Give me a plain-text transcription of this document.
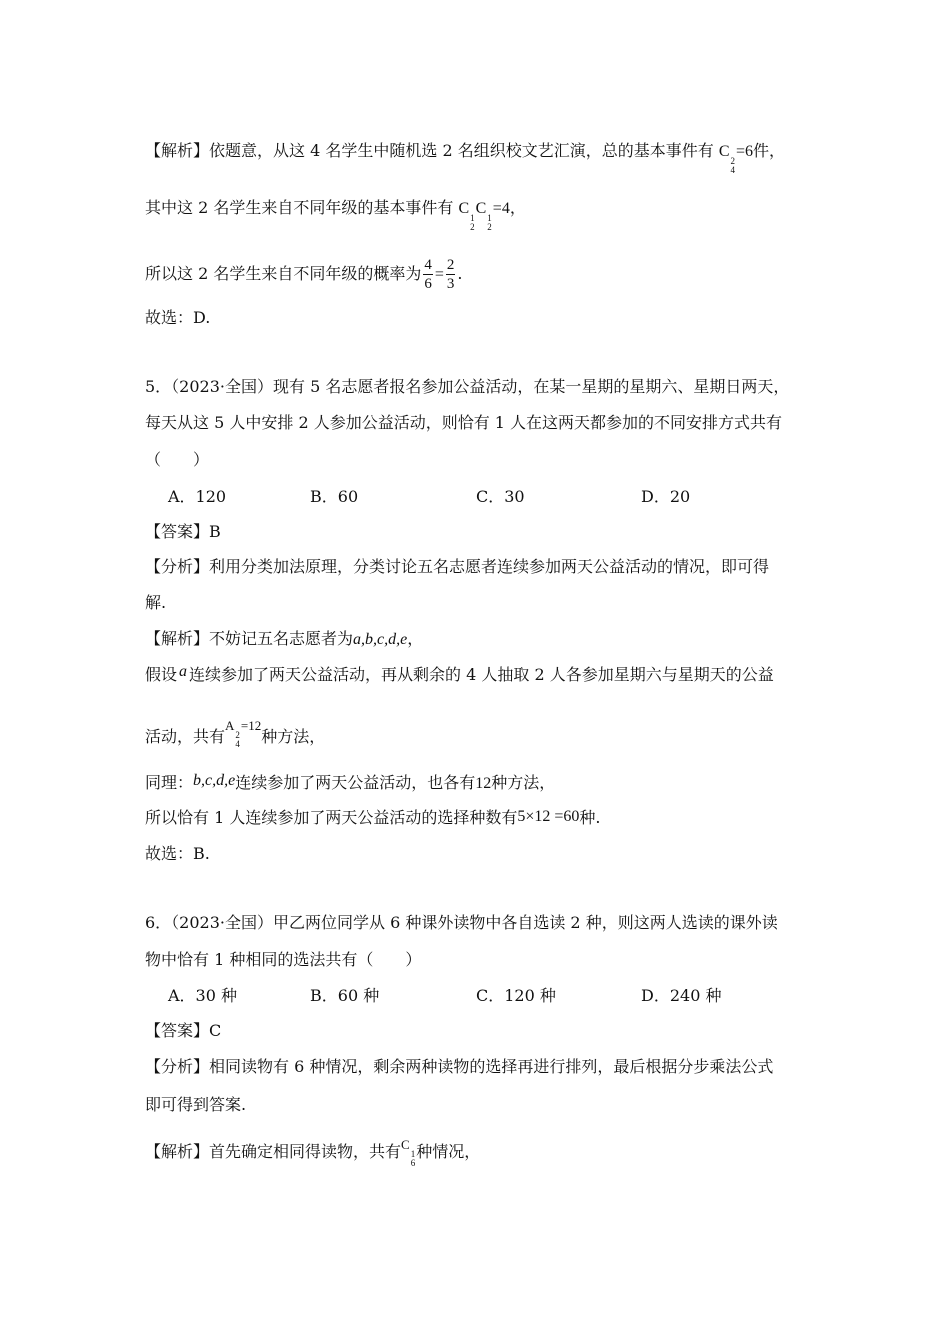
【解析】依题意，从这 4 名学生中随机选 2 名组织校文艺汇演，总的基本事件有 C
2
4
=6件，
其中这 2 名学生来自不同年级的基本事件有 C
1
2
C
1
2
=4，
所以这 2 名学生来自不同年级的概率为 $\frac{4}{6} = \frac{2}{3}$ .
故选：D.
5．（2023·全国）现有 5 名志愿者报名参加公益活动，在某一星期的星期六、星期日两天，
每天从这 5 人中安排 2 人参加公益活动，则恰有 1 人在这两天都参加的不同安排方式共有
（　　）
A．120	B．60	C．30	D．20
【答案】B
【分析】利用分类加法原理，分类讨论五名志愿者连续参加两天公益活动的情况，即可得
解.
【解析】不妨记五名志愿者为a,b,c,d,e，
假设 a 连续参加了两天公益活动，再从剩余的 4 人抽取 2 人各参加星期六与星期天的公益
活动，共有$^{A 2 4 =12}$种方法，
同理：b,c,d,e连续参加了两天公益活动，也各有12种方法，
所以恰有 1 人连续参加了两天公益活动的选择种数有5×12 =60种.
故选：B.
6．（2023·全国）甲乙两位同学从 6 种课外读物中各自选读 2 种，则这两人选读的课外读
物中恰有 1 种相同的选法共有（　　）
A．30 种	B．60 种	C．120 种	D．240 种
【答案】C
【分析】相同读物有 6 种情况，剩余两种读物的选择再进行排列，最后根据分步乘法公式
即可得到答案.
【解析】首先确定相同得读物，共有$^{C 1 6}$
种情况，
